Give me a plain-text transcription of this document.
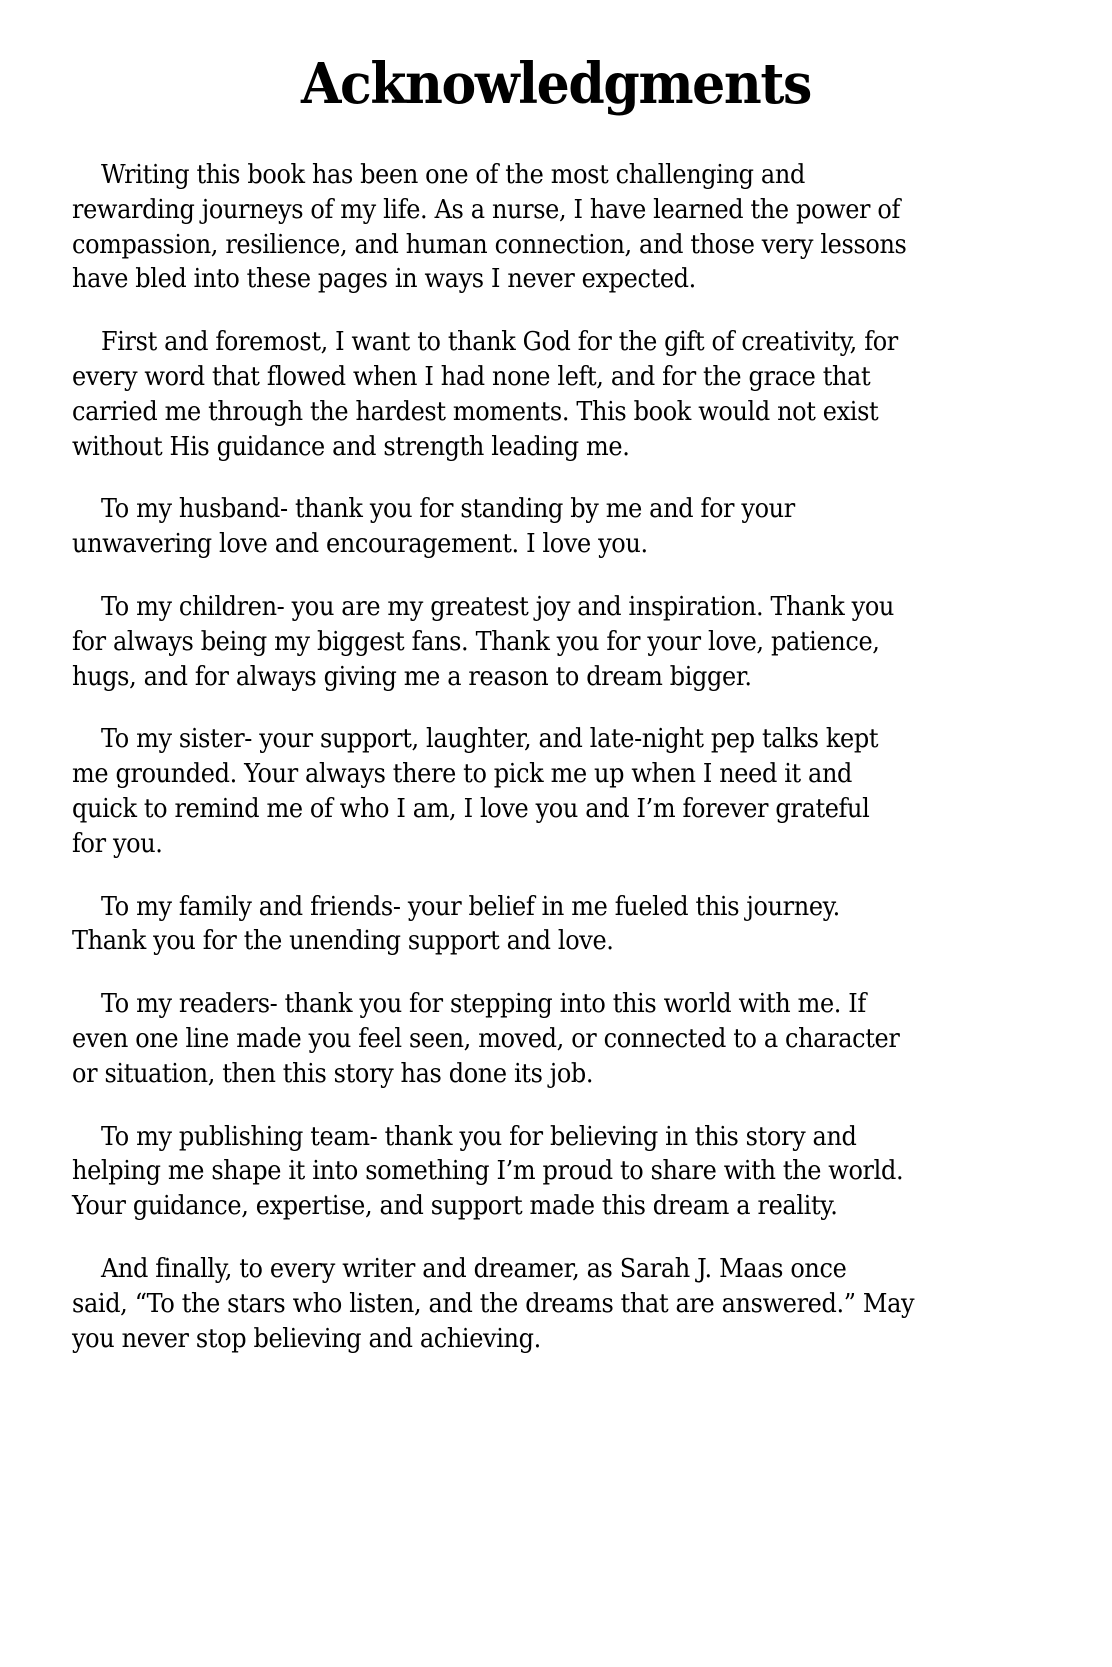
Acknowledgments

Writing this book has been one of the most challenging and
rewarding journeys of my life. As a nurse, I have learned the power of
compassion, resilience, and human connection, and those very lessons
have bled into these pages in ways I never expected.

First and foremost, I want to thank God for the gift of creativity, for
every word that flowed when I had none left, and for the grace that
carried me through the hardest moments. This book would not exist
without His guidance and strength leading me.

To my husband- thank you for standing by me and for your
unwavering love and encouragement. I love you.

To my children- you are my greatest joy and inspiration. Thank you
for always being my biggest fans. Thank you for your love, patience,
hugs, and for always giving me a reason to dream bigger.

To my sister- your support, laughter, and late-night pep talks kept
me grounded. Your always there to pick me up when I need it and
quick to remind me of who I am, I love you and I’m forever grateful
for you.

To my family and friends- your belief in me fueled this journey.
Thank you for the unending support and love.

To my readers- thank you for stepping into this world with me. If
even one line made you feel seen, moved, or connected to a character
or situation, then this story has done its job.

To my publishing team- thank you for believing in this story and
helping me shape it into something I’m proud to share with the world.
Your guidance, expertise, and support made this dream a reality.

And finally, to every writer and dreamer, as Sarah J. Maas once
said, “To the stars who listen, and the dreams that are answered.” May
you never stop believing and achieving.
